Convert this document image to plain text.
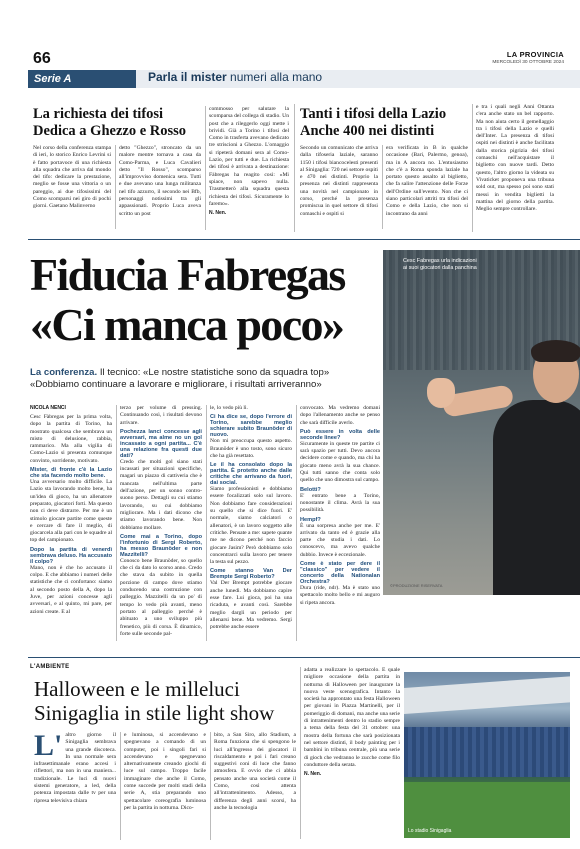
66	LA PROVINCIA
MERCOLEDÌ 30 OTTOBRE 2024
Serie A	Parla il mister numeri alla mano
La richiesta dei tifosi
Dedica a Ghezzo e Rosso
Nel corso della conferenza stampa di ieri, lo storico Enrico Levrini si è fatto portavoce di una richiesta alla squadra che arriva dal mondo del tifo: dedicare la prestazione, meglio se fosse una vittoria o un pareggio, ai due tifosissimi del Como scomparsi nei giro di pochi giorni. Gaetano Malinverno
detto "Ghezzo", stroncato da un malore mentre tornava a casa da Como-Parma, e Luca Cavalieri detto "Il Rosso", scomparso all'improvviso domenica sera. Tutti e due avevano una lunga militanza nel tifo azzurro, il secondo nei Bfb, personaggi notissimi tra gli appassionati. Proprio Luca aveva scritto un post
commosso per salutare la scomparsa del collega di stadio. Un post che a rileggerlo oggi mette i brividi. Già a Torino i tifosi del Como in trasferta avevano dedicato tre striscioni a Ghezzo. L'omaggio si ripeterà domani sera al Como-Lazio, per tutti e due. La richiesta dei tifosi è arrivata a destinazione: Fàbregas ha reagito così: «Mi spiace, non sapevo nulla. Trasmetterò alla squadra questa richiesta dei tifosi. Sicuramente lo faremo».
N. Nen.
Tanti i tifosi della Lazio
Anche 400 nei distinti
Secondo un comunicato che arriva dalla tifoseria laziale, saranno 1150 i tifosi biancocelesti presenti al Sinigaglia: 720 nei settore ospiti e 470 nei distinti. Proprio la presenza nei distinti rappresenta una novità nel campionato in corso, perché la presenza promiscua in quel settore di tifosi comaschi e ospiti si
era verificata in B in qualche occasione (Bari, Palermo, genoa), ma in A ancora no. L'entusiasmo che c'è a Roma sponda laziale ha portato questo assalto al biglietto, che fa salire l'attenzione delle Forze dell'Ordine sull'evento. Non che ci siano particolari attriti tra tifosi del Como e della Lazio, che non si incontrano da anni
e tra i quali negli Anni Ottanta c'era anche stato un bel rapporto. Ma non aiuta certo il gemellaggio tra i tifosi della Lazio e quelli dell'Inter. La presenza di tifosi ospiti nei distinti è anche facilitata dalla storica pigrizia dei tifosi comaschi nell'acquistare il biglietto con nuove tardi. Detto questo, l'altro giorno la videata su Vivaticket proponeva una tribuna sold out, ma spesso poi sono stati messi in vendita biglietti la mattina del giorno della partita. Meglio sempre controllare.
Fiducia Fabregas
«Ci manca poco»
La conferenza. Il tecnico: «Le nostre statistiche sono da squadra top»
«Dobbiamo continuare a lavorare e migliorare, i risultati arriveranno»
Cesc Fabregas urla indicazioni
ai suoi giocatori dalla panchina
©PRODUZIONE RISERVATA
NICOLA NENCI
Cesc Fàbregas per la prima volta, dopo la partita di Torino, ha mostrato qualcosa che sembrava un misto di delusione, rabbia, rammarico. Ma alla vigilia di Como-Lazio si presenta comunque convinto, sorridente, motivato.
Mister, di fronte c'è la Lazio che sta facendo molto bene.
Una avversario molto difficile. La Lazio sta lavorando molto bene, ha un'idea di gioco, ha un allenatore preparato, giocatori forti. Ma questo non ci deve distrarre. Per me è un stimolo giocare partite come queste e cercare di fare il meglio, di giocarcela alla pari con le squadre al top del campionato.
Dopo la partita di venerdì sembrava deluso. Ha accusato il colpo?
Mano, non è che ho accusato il colpo. E che abbiamo i numeri delle statistiche che ci confortano: siamo al secondo posto della A, dopo la Juve, per azioni concesse agli avversari, e al quinto, mi pare, per azioni create. E al
terzo per volume di pressing. Continuando così, i risultati devono arrivare.
Pochezza lanci concesse agli avversari, ma alme no un gol incassato a ogni partita... C'è una relazione fra questi due dati?
Credo che molti gol siano stati incassati per situazioni specifiche, magari un piazzo di cattiveria che è mancata nell'ultima parte dell'azione, per un sonno contro-suono perso. Dettagli su cui stiamo lavorando, su cui dobbiamo migliorare. Ma i dati dicono che stiamo lavorando bene. Non dobbiamo mollare.
Come mai a Torino, dopo l'infortunio di Sergi Roberto, ha messo Braunöder e non Mazzitelli?
Conosco bene Braunöder, so quello che ci da dato lo scorso anno. Credo che stava da subito in quella porzione di campo dove stiamo conducendo una costruzione con palleggio. Mazzitelli da un po' di tempo lo vedo più avanti, meno portato al palleggio perché è abituato a uno sviluppo più frenetico, più di corsa. È dinamico, forte sulle seconde pal-
le, lo vedo più lì.
Ci ha dice se, dopo l'errore di Torino, sarebbe meglio schierare subito Braunöder di nuovo.
Non mi preoccupa questo aspetto. Braunöder è uno tosto, sono sicuro che ha già resettato.
Le il ha consolato dopo la partita. È protetto anche dalle critiche che arrivano da fuori, dai social.
Siamo professionisti e dobbiamo essere focalizzati solo sul lavoro. Non dobbiamo fare considerazioni su quello che si dice fuori. E' normale, siamo calciatori o allenatori, è un lavoro soggetto alle critiche. Pensate a me: sapete quante me ne dicono perché non faccio giocare Jasim? Però dobbiamo solo concentrarci sulla lavoro per tenere la testa sul pezzo.
Come stanno Van Der Brempte Sergi Roberto?
Val Der Brempt potrebbe giocare anche lunedì. Ma dobbiamo capire esse fare. Lui gioca, poi ha una ricaduta, e avanti così. Sarebbe meglio darglì un periodo per allenarsi bene. Ma vedremo. Sergi potrebbe anche essere
convocato. Ma vedremo domani dopo l'allenamento anche se penso che sarà difficile averlo.
Può essere in volta delle seconde linee?
Sicuramente in queste tre partite ci sarà spazio per tutti. Devo ancora decidere come e quando, ma chi ha giocato meno avrà la sua chance. Qui tutti sanno che conta solo quello che uno dimostra sul campo.
Belotti?
E' entrato bene a Torino, nonostante il clima. Avrà la sua possibilità.
Hempf?
È una sorpresa anche per me. E' arrivato da tanto ed è grazie alla parte che studia i dati. Lo conoscevo, ma avevo qualche dubbio. Invece è eccezionale.
Come è stato per dere il "classico" per vedere il concerto della Nationalan Orchestra?
Dura (ride, ndr). Ma è stato uno spettacolo molto bello e mi auguro si ripeta ancora.
L'AMBIENTE
Halloween e le milleluci
Sinigaglia in stile light show
L' altro giorno il Sinigaglia sembrava una grande discoteca. In una normale sera infrasettimanale erano accesi i riflettori, ma non in una maniera... tradizionale. Le luci di nuovi sistemi generatore, a led, della potenza impostata dalle tv per una ripresa televisiva chiara
e luminosa, si accendevano e spegnevano a comando di un computer, poi i singoli fari si accendevano e spegnevano alternativamente creando giochi di luce sul campo. Troppo facile immaginare che anche il Como, come succede per molti stadi della serie A, stia preparando uno spettacolare coreografia luminosa per la partita in notturna. Dico-
bito, a San Siro, allo Stadium, a Roma funziona che si spengono le luci all'ingresso dei giocatori il riscaldamento e poi i fari creano suggestivi coni di luce che fanno atmosfera. E ovvio che ci abbia pensato anche una società come il Como, così attenta all'intrattenimento. Adesso, a differenza degli anni scorsi, ha anche la tecnologia
adatta a realizzare lo spettacolo. E quale migliore occasione della partita in notturna di Halloween per inaugurare la nuova veste scenografica. Intanto la società ha approntato una festa Halloween per giovani in Piazza Martinelli, per il pomeriggio di domani, ma anche una serie di intrattenimenti dentro lo stadio sempre a tema della festa del 31 ottobre: una mostra della fortuna che sarà posizionata nel settore distinti, il body painting per i bambini in tribuna centrale, più una serie di gioch che vedranno le zucche come filo conduttore della serata.
N. Nen.
Lo stadio Sinigaglia
